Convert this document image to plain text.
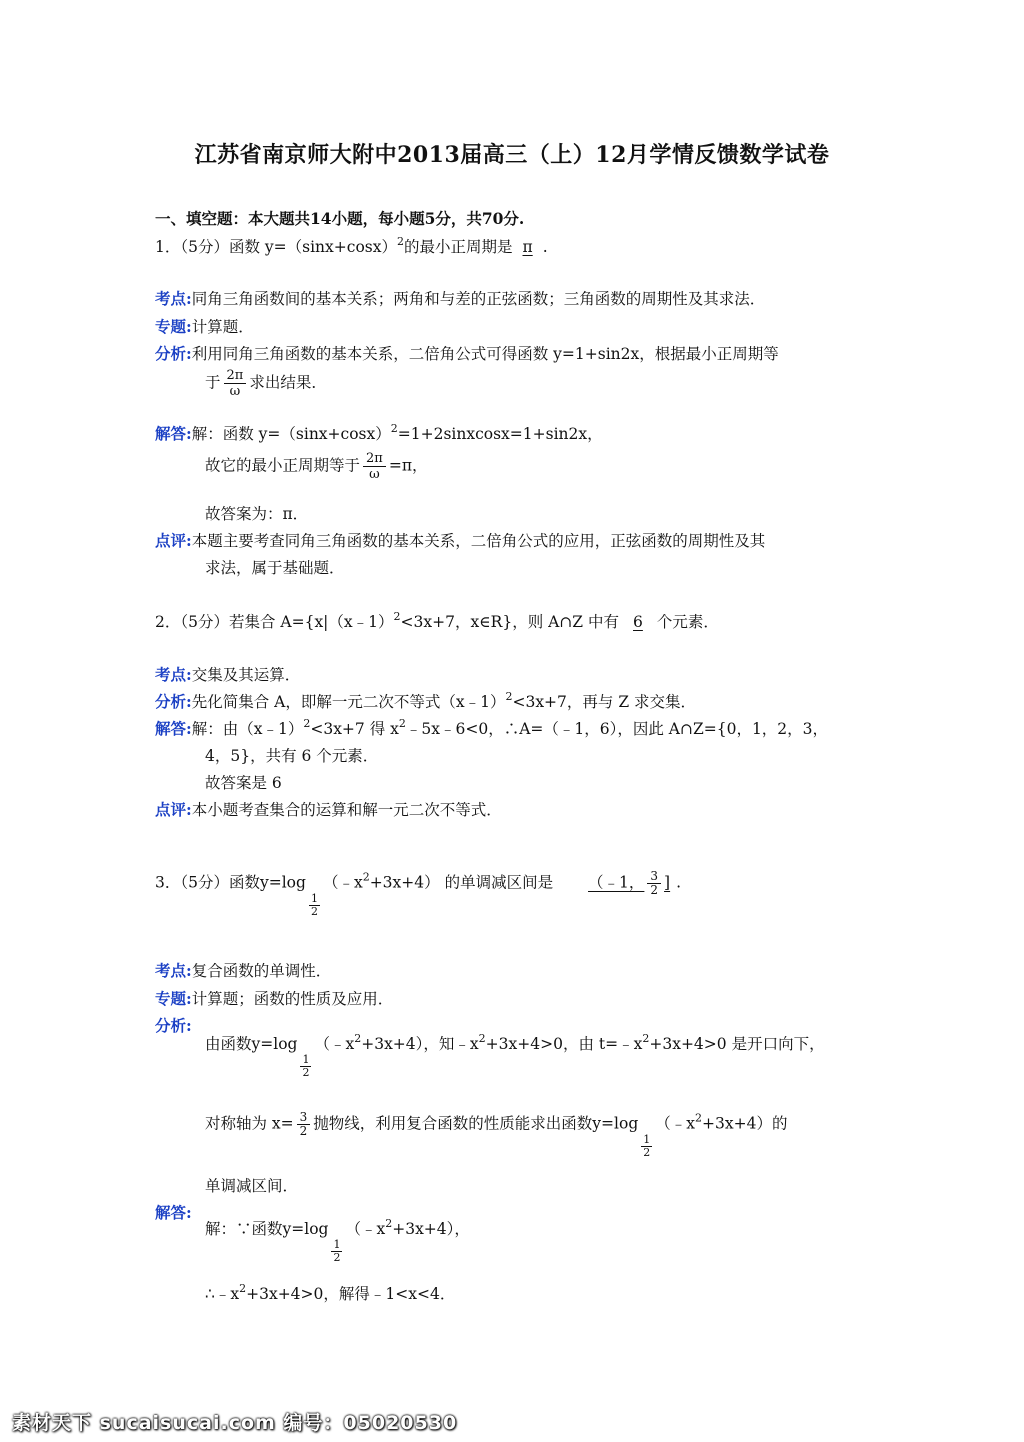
江苏省南京师大附中2013届高三（上）12月学情反馈数学试卷
一、填空题：本大题共14小题，每小题5分，共70分.
1．（5分）函数 $y=(\sin x+\cos x)^2$的最小正周期是 π .
考点:同角三角函数间的基本关系；两角和与差的正弦函数；三角函数的周期性及其求法．
专题:计算题．
分析:利用同角三角函数的基本关系，二倍角公式可得函数 y=1+sin2x，根据最小正周期等
于 $\frac{2\pi}{\omega}$ 求出结果．
解答:解：函数 $y=(\sin x+\cos x)^2=1+2sinxcosx=1+\sin 2x$，
故它的最小正周期等于 $\frac{2\pi}{\omega} =\pi$，
故答案为：π．
点评:本题主要考查同角三角函数的基本关系，二倍角公式的应用，正弦函数的周期性及其
求法，属于基础题．
2．（5分）若集合 A={x|（x﹣1）$^2$<3x+7，x∈R}，则 A∩Z 中有 6 个元素．
考点:交集及其运算．
分析:先化简集合 A，即解一元二次不等式（x﹣1）$^2$<3x+7，再与 Z 求交集．
解答:解：由（x﹣1）$^2$<3x+7 得 $x^2﹣5x﹣6<0$，∴A=（﹣1，6），因此 A∩Z={0，1，2，3，
4，5}，共有 6 个元素．
故答案是 6
点评:本小题考查集合的运算和解一元二次不等式．
3．（5分）函数y=log
$\frac{1}{2}$
$(﹣x^2+3x+4)$ 的单调减区间是 （﹣1， $\frac{3}{2}$ ] .
考点:复合函数的单调性．
专题:计算题；函数的性质及应用．
分析:
由函数y=log
$\frac{1}{2}$
$(﹣x^2+3x+4)$，知$﹣x^2+3x+4>0$，由 $t=﹣x^2+3x+4>0$ 是开口向下，
对称轴为 $x= \frac{3}{2}$ 抛物线，利用复合函数的性质能求出函数y=log
$\frac{1}{2}$
$(﹣x^2+3x+4)$的
单调减区间．
解答:
解：∵函数y=log
$\frac{1}{2}$
$(﹣x^2+3x+4)$，
$\therefore﹣x^2+3x+4>0$，解得﹣1<x<4．
素材天下 sucaisucai.com 编号：05020530
